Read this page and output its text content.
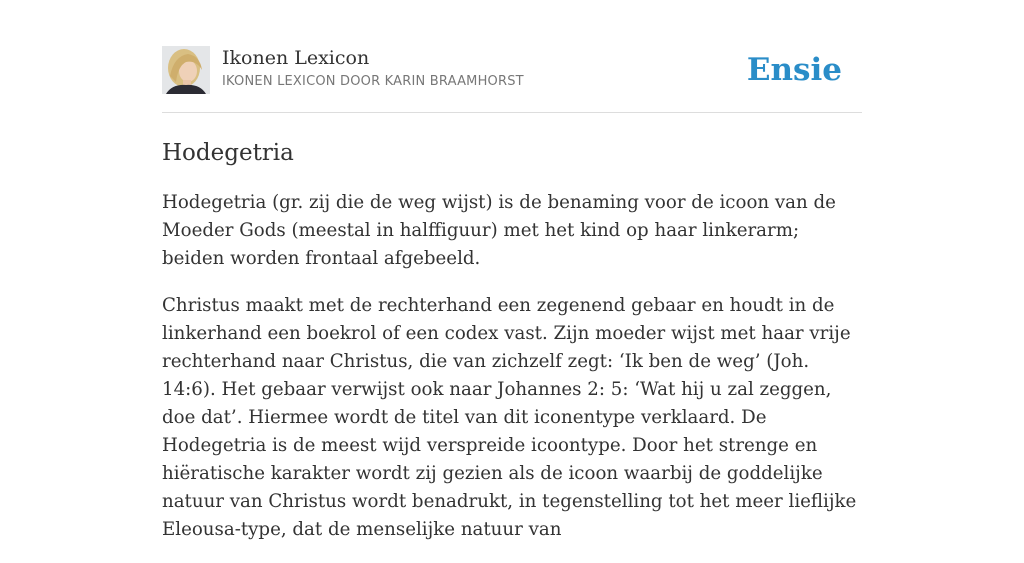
Ikonen Lexicon
IKONEN LEXICON DOOR KARIN BRAAMHORST	Ensie
Hodegetria

Hodegetria (gr. zij die de weg wijst) is de benaming voor de icoon van de Moeder Gods (meestal in halffiguur) met het kind op haar linkerarm; beiden worden frontaal afgebeeld.

Christus maakt met de rechterhand een zegenend gebaar en houdt in de linkerhand een boekrol of een codex vast. Zijn moeder wijst met haar vrije rechterhand naar Christus, die van zichzelf zegt: ‘Ik ben de weg’ (Joh. 14:6). Het gebaar verwijst ook naar Johannes 2: 5: ‘Wat hij u zal zeggen, doe dat’. Hiermee wordt de titel van dit iconentype verklaard. De Hodegetria is de meest wijd verspreide icoontype. Door het strenge en hiëratische karakter wordt zij gezien als de icoon waarbij de goddelijke natuur van Christus wordt benadrukt, in tegenstelling tot het meer lieflijke Eleousa-type, dat de menselijke natuur van
